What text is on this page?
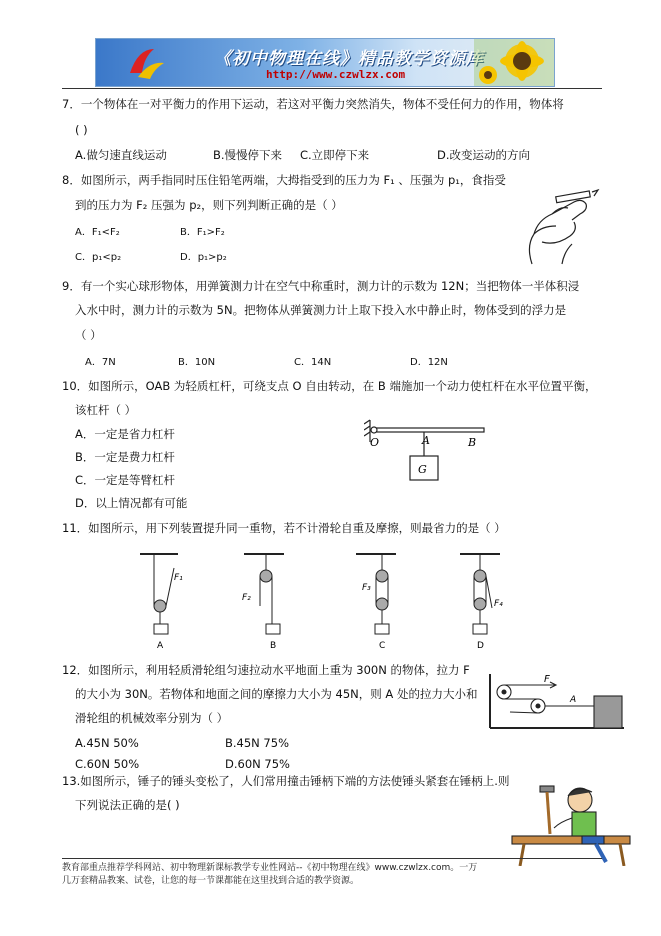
《初中物理在线》精品教学资源库
http://www.czwlzx.com
7．一个物体在一对平衡力的作用下运动，若这对平衡力突然消失，物体不受任何力的作用，物体将
( )
A.做匀速直线运动	B.慢慢停下来 C.立即停下来	D.改变运动的方向
8．如图所示，两手指同时压住铅笔两端，大拇指受到的压力为 F₁ 、压强为 p₁，食指受
到的压力为 F₂ 压强为 p₂，则下列判断正确的是（ ）
A．F₁<F₂	B．F₁>F₂
C．p₁<p₂	D．p₁>p₂
9．有一个实心球形物体，用弹簧测力计在空气中称重时，测力计的示数为 12N；当把物体一半体积浸
入水中时，测力计的示数为 5N。把物体从弹簧测力计上取下投入水中静止时，物体受到的浮力是
（ ）
A．7N	B．10N	C．14N	D．12N
10．如图所示，OAB 为轻质杠杆，可绕支点 O 自由转动，在 B 端施加一个动力使杠杆在水平位置平衡，
该杠杆（ ）
A．一定是省力杠杆
B．一定是费力杠杆
C．一定是等臂杠杆
D．以上情况都有可能
O	A	B
G
11．如图所示，用下列装置提升同一重物，若不计滑轮自重及摩擦，则最省力的是（ ）
F₁
F₂
F₃
F₄
A	B	C	D
12．如图所示，利用轻质滑轮组匀速拉动水平地面上重为 300N 的物体，拉力 F
的大小为 30N。若物体和地面之间的摩擦力大小为 45N，则 A 处的拉力大小和
滑轮组的机械效率分别为（ ）
A.45N 50%	B.45N 75%
C.60N 50%	D.60N 75%
F
A
13.如图所示，锤子的锤头变松了，人们常用撞击锤柄下端的方法使锤头紧套在锤柄上.则
下列说法正确的是( )
教育部重点推荐学科网站、初中物理新课标教学专业性网站--《初中物理在线》www.czwlzx.com。一万
几万套精品教案、试卷，让您的每一节课都能在这里找到合适的教学资源。
